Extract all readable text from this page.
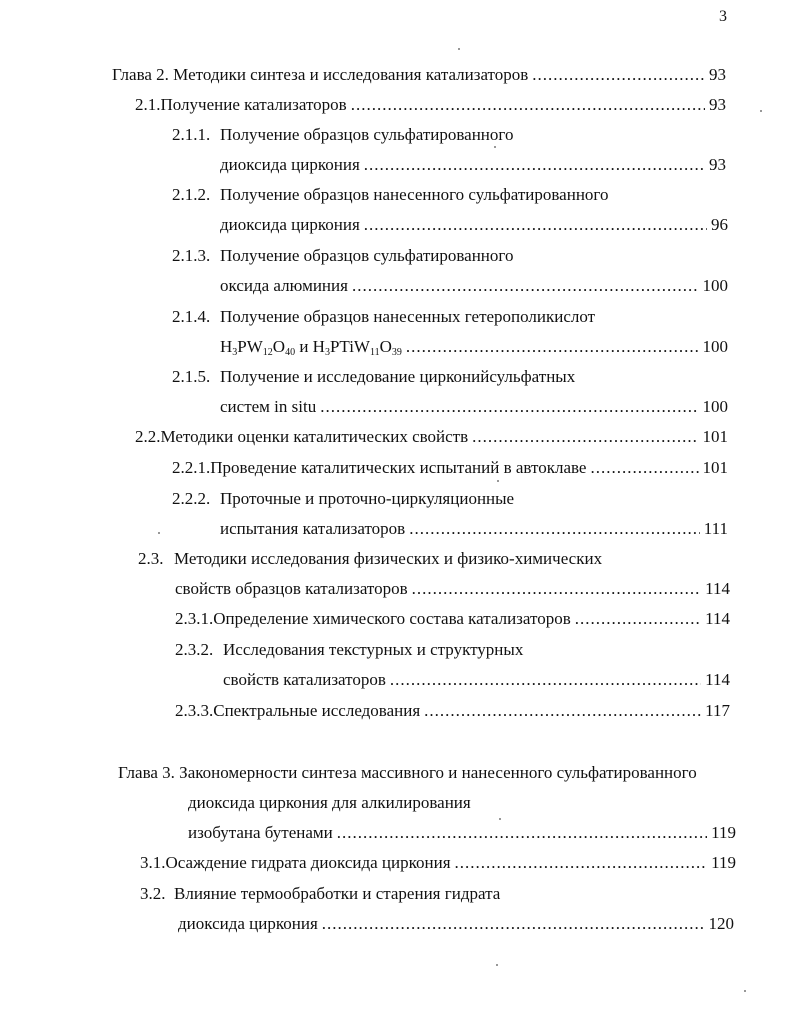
3
Глава 2. Методики синтеза и исследования катализаторов .....	93
2.1. Получение катализаторов .....	93
2.1.1. Получение образцов сульфатированного
диоксида циркония .....	93
2.1.2. Получение образцов нанесенного сульфатированного
диоксида циркония .....	96
2.1.3. Получение образцов сульфатированного
оксида алюминия .....	100
2.1.4. Получение образцов нанесенных гетерополикислот
$H_3PW_{12}O_{40}$ и $H_3PTiW_{11}O_{39}$ .....	100
2.1.5. Получение и исследование цирконийсульфатных
систем in situ .....	100
2.2. Методики оценки каталитических свойств .....	101
2.2.1. Проведение каталитических испытаний в автоклаве .....	101
2.2.2. Проточные и проточно-циркуляционные
испытания катализаторов .....	111
2.3. Методики исследования физических и физико-химических
свойств образцов катализаторов .....	114
2.3.1. Определение химического состава катализаторов .....	114
2.3.2. Исследования текстурных и структурных
свойств катализаторов .....	114
2.3.3. Спектральные исследования .....	117
Глава 3. Закономерности синтеза массивного и нанесенного сульфатированного
диоксида циркония для алкилирования
изобутана бутенами .....	119
3.1. Осаждение гидрата диоксида циркония .....	119
3.2. Влияние термообработки и старения гидрата
диоксида циркония .....	120
